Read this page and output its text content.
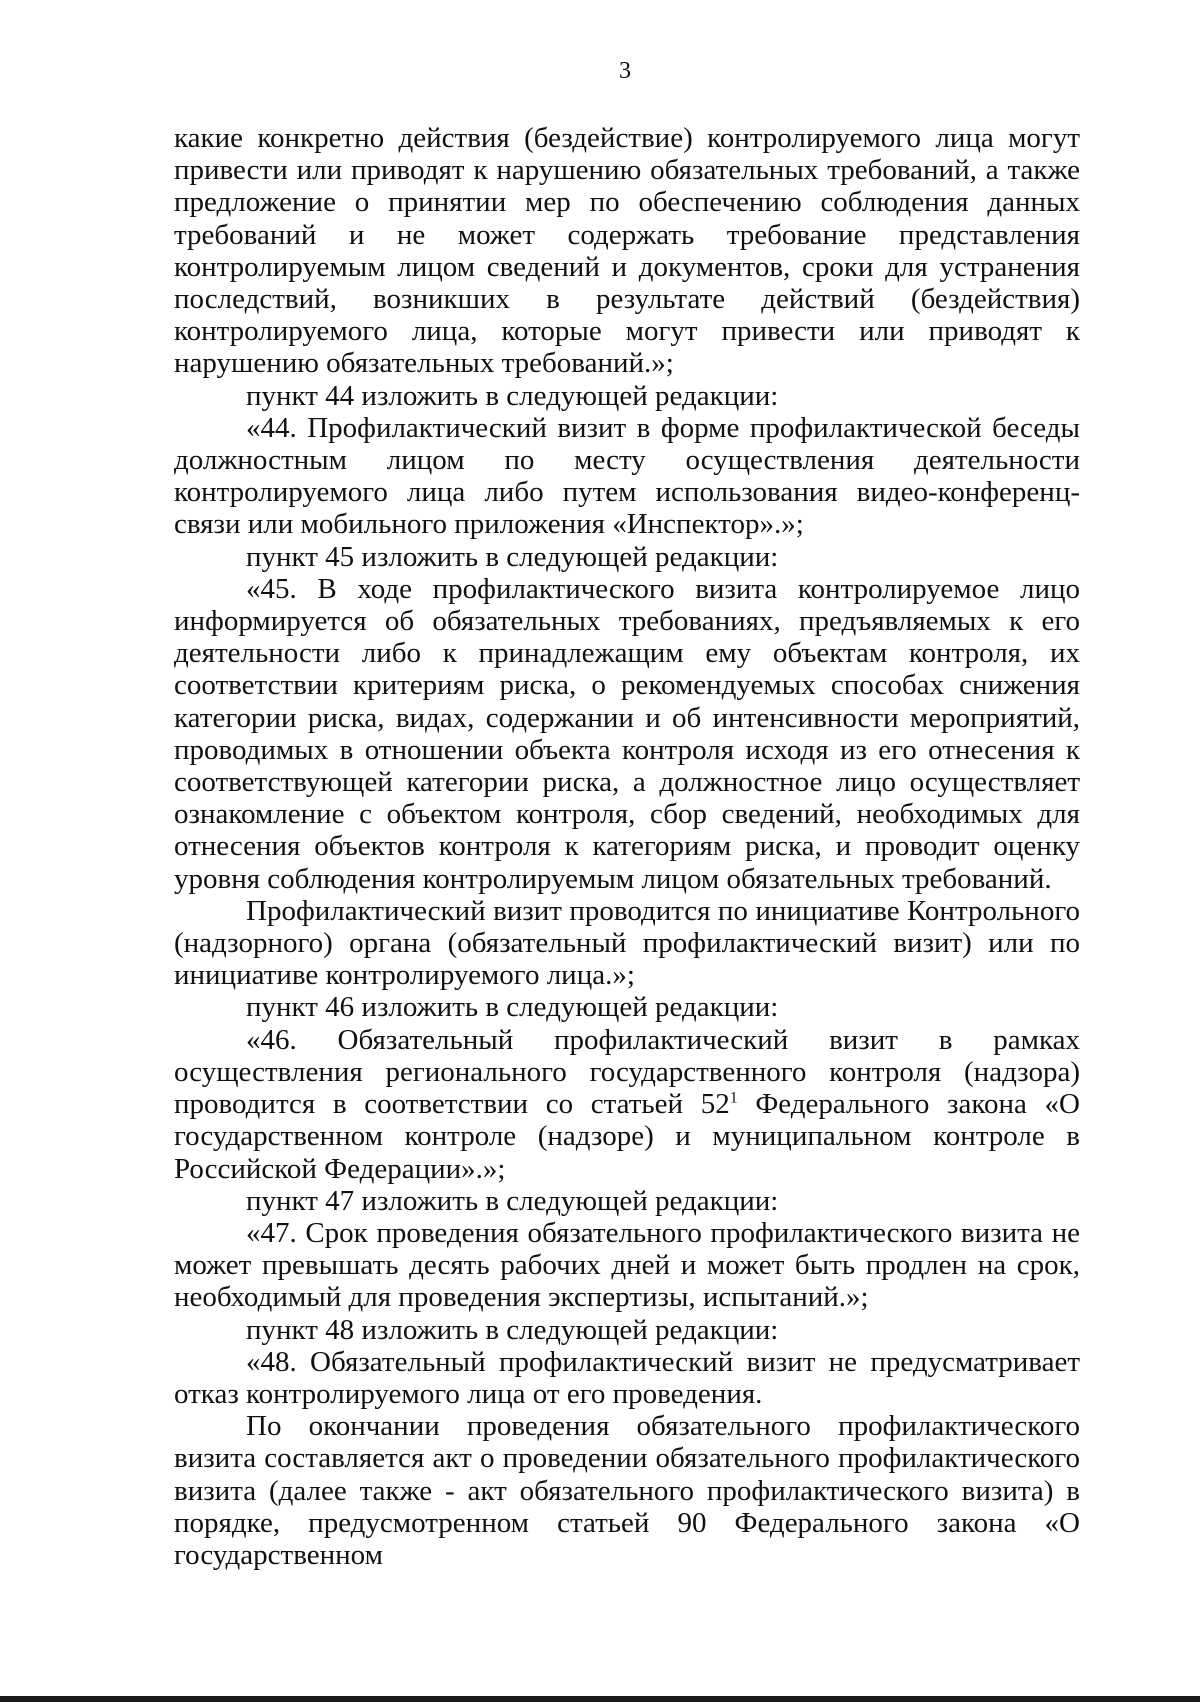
3

какие конкретно действия (бездействие) контролируемого лица могут привести или приводят к нарушению обязательных требований, а также предложение о принятии мер по обеспечению соблюдения данных требований и не может содержать требование представления контролируемым лицом сведений и документов, сроки для устранения последствий, возникших в результате действий (бездействия) контролируемого лица, которые могут привести или приводят к нарушению обязательных требований.»;

пункт 44 изложить в следующей редакции:

«44. Профилактический визит в форме профилактической беседы должностным лицом по месту осуществления деятельности контролируемого лица либо путем использования видео-конференц-связи или мобильного приложения «Инспектор».»;

пункт 45 изложить в следующей редакции:

«45. В ходе профилактического визита контролируемое лицо информируется об обязательных требованиях, предъявляемых к его деятельности либо к принадлежащим ему объектам контроля, их соответствии критериям риска, о рекомендуемых способах снижения категории риска, видах, содержании и об интенсивности мероприятий, проводимых в отношении объекта контроля исходя из его отнесения к соответствующей категории риска, а должностное лицо осуществляет ознакомление с объектом контроля, сбор сведений, необходимых для отнесения объектов контроля к категориям риска, и проводит оценку уровня соблюдения контролируемым лицом обязательных требований.

Профилактический визит проводится по инициативе Контрольного (надзорного) органа (обязательный профилактический визит) или по инициативе контролируемого лица.»;

пункт 46 изложить в следующей редакции:

«46. Обязательный профилактический визит в рамках осуществления регионального государственного контроля (надзора) проводится в соответствии со статьей $52^1$ Федерального закона «О государственном контроле (надзоре) и муниципальном контроле в Российской Федерации».»;

пункт 47 изложить в следующей редакции:

«47. Срок проведения обязательного профилактического визита не может превышать десять рабочих дней и может быть продлен на срок, необходимый для проведения экспертизы, испытаний.»;

пункт 48 изложить в следующей редакции:

«48. Обязательный профилактический визит не предусматривает отказ контролируемого лица от его проведения.

По окончании проведения обязательного профилактического визита составляется акт о проведении обязательного профилактического визита (далее также - акт обязательного профилактического визита) в порядке, предусмотренном статьей 90 Федерального закона «О государственном
